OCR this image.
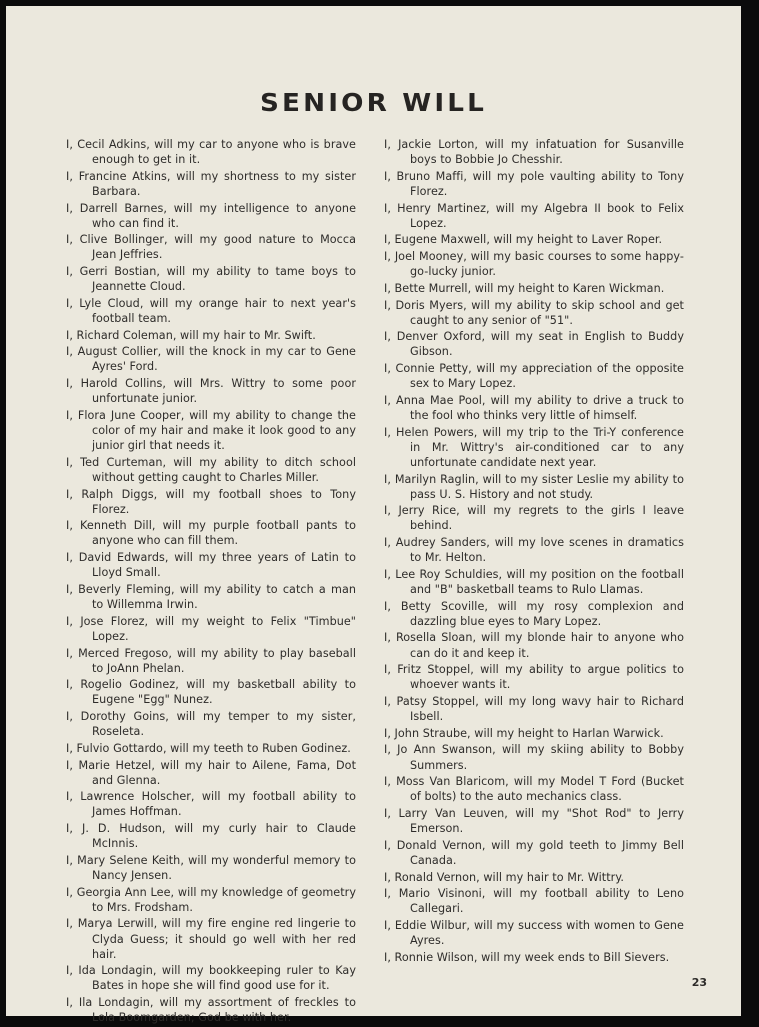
SENIOR WILL
I, Cecil Adkins, will my car to anyone who is brave enough to get in it.
I, Francine Atkins, will my shortness to my sister Barbara.
I, Darrell Barnes, will my intelligence to anyone who can find it.
I, Clive Bollinger, will my good nature to Mocca Jean Jeffries.
I, Gerri Bostian, will my ability to tame boys to Jeannette Cloud.
I, Lyle Cloud, will my orange hair to next year's football team.
I, Richard Coleman, will my hair to Mr. Swift.
I, August Collier, will the knock in my car to Gene Ayres' Ford.
I, Harold Collins, will Mrs. Wittry to some poor unfortunate junior.
I, Flora June Cooper, will my ability to change the color of my hair and make it look good to any junior girl that needs it.
I, Ted Curteman, will my ability to ditch school without getting caught to Charles Miller.
I, Ralph Diggs, will my football shoes to Tony Florez.
I, Kenneth Dill, will my purple football pants to anyone who can fill them.
I, David Edwards, will my three years of Latin to Lloyd Small.
I, Beverly Fleming, will my ability to catch a man to Willemma Irwin.
I, Jose Florez, will my weight to Felix "Timbue" Lopez.
I, Merced Fregoso, will my ability to play baseball to JoAnn Phelan.
I, Rogelio Godinez, will my basketball ability to Eugene "Egg" Nunez.
I, Dorothy Goins, will my temper to my sister, Roseleta.
I, Fulvio Gottardo, will my teeth to Ruben Godinez.
I, Marie Hetzel, will my hair to Ailene, Fama, Dot and Glenna.
I, Lawrence Holscher, will my football ability to James Hoffman.
I, J. D. Hudson, will my curly hair to Claude McInnis.
I, Mary Selene Keith, will my wonderful memory to Nancy Jensen.
I, Georgia Ann Lee, will my knowledge of geometry to Mrs. Frodsham.
I, Marya Lerwill, will my fire engine red lingerie to Clyda Guess; it should go well with her red hair.
I, Ida Londagin, will my bookkeeping ruler to Kay Bates in hope she will find good use for it.
I, Ila Londagin, will my assortment of freckles to Lola Boomgarden; God be with her.
I, Jackie Lorton, will my infatuation for Susanville boys to Bobbie Jo Chesshir.
I, Bruno Maffi, will my pole vaulting ability to Tony Florez.
I, Henry Martinez, will my Algebra II book to Felix Lopez.
I, Eugene Maxwell, will my height to Laver Roper.
I, Joel Mooney, will my basic courses to some happy-go-lucky junior.
I, Bette Murrell, will my height to Karen Wickman.
I, Doris Myers, will my ability to skip school and get caught to any senior of "51".
I, Denver Oxford, will my seat in English to Buddy Gibson.
I, Connie Petty, will my appreciation of the opposite sex to Mary Lopez.
I, Anna Mae Pool, will my ability to drive a truck to the fool who thinks very little of himself.
I, Helen Powers, will my trip to the Tri-Y conference in Mr. Wittry's air-conditioned car to any unfortunate candidate next year.
I, Marilyn Raglin, will to my sister Leslie my ability to pass U. S. History and not study.
I, Jerry Rice, will my regrets to the girls I leave behind.
I, Audrey Sanders, will my love scenes in dramatics to Mr. Helton.
I, Lee Roy Schuldies, will my position on the football and "B" basketball teams to Rulo Llamas.
I, Betty Scoville, will my rosy complexion and dazzling blue eyes to Mary Lopez.
I, Rosella Sloan, will my blonde hair to anyone who can do it and keep it.
I, Fritz Stoppel, will my ability to argue politics to whoever wants it.
I, Patsy Stoppel, will my long wavy hair to Richard Isbell.
I, John Straube, will my height to Harlan Warwick.
I, Jo Ann Swanson, will my skiing ability to Bobby Summers.
I, Moss Van Blaricom, will my Model T Ford (Bucket of bolts) to the auto mechanics class.
I, Larry Van Leuven, will my "Shot Rod" to Jerry Emerson.
I, Donald Vernon, will my gold teeth to Jimmy Bell Canada.
I, Ronald Vernon, will my hair to Mr. Wittry.
I, Mario Visinoni, will my football ability to Leno Callegari.
I, Eddie Wilbur, will my success with women to Gene Ayres.
I, Ronnie Wilson, will my week ends to Bill Sievers.
23
